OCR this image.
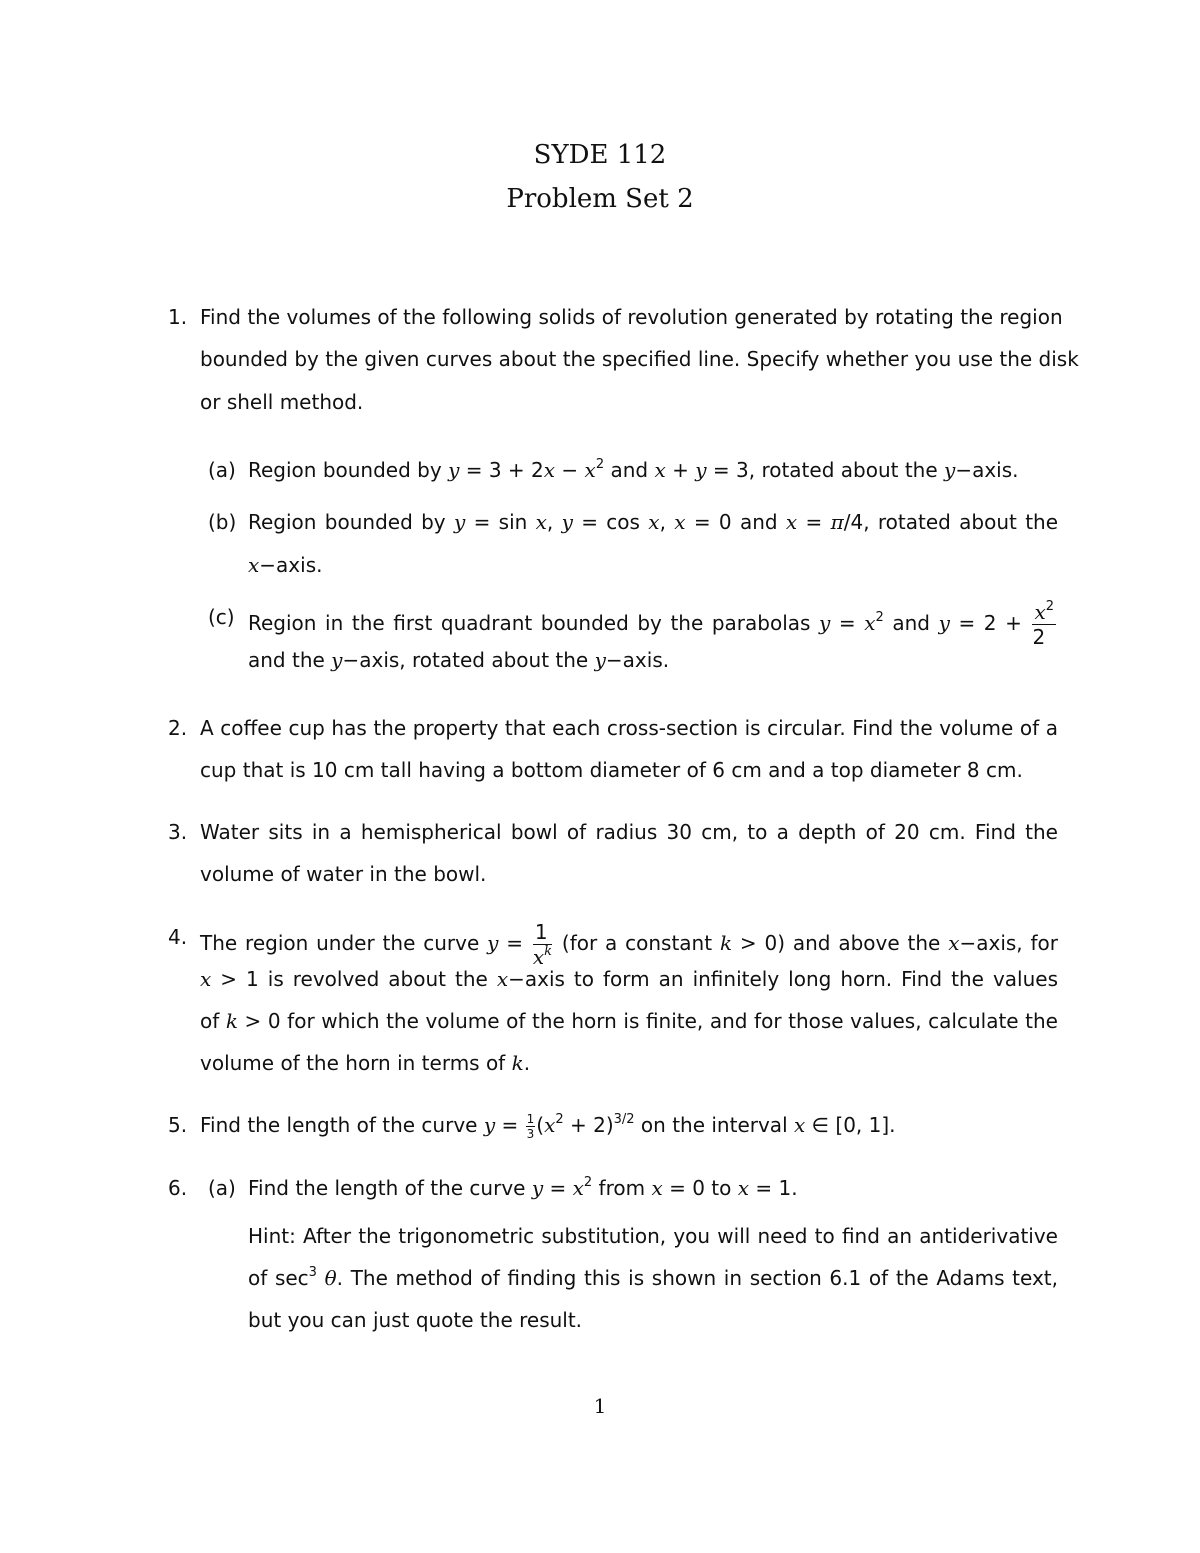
SYDE 112
Problem Set 2
1. Find the volumes of the following solids of revolution generated by rotating the region
bounded by the given curves about the specified line. Specify whether you use the disk
or shell method.
(a) Region bounded by $y = 3 + 2x - x^2$ and x + y = 3, rotated about the y−axis.
(b) Region bounded by y = sin x, y = cos x, x = 0 and x = π/4, rotated about the
x−axis.
(c) Region in the first quadrant bounded by the parabolas $y = x^2$ and $y = 2 + \frac{x^2}{2}$
and the y−axis, rotated about the y−axis.
2. A coffee cup has the property that each cross-section is circular. Find the volume of a
cup that is 10 cm tall having a bottom diameter of 6 cm and a top diameter 8 cm.
3. Water sits in a hemispherical bowl of radius 30 cm, to a depth of 20 cm. Find the
volume of water in the bowl.
4. The region under the curve $y = \frac{1}{x^k} (for$ a constant k > 0) and above the x−axis, for
x > 1 is revolved about the x−axis to form an infinitely long horn. Find the values
of k > 0 for which the volume of the horn is finite, and for those values, calculate the
volume of the horn in terms of k.
5. Find the length of the curve $y = \frac{1}{3} (x^2 + 2)^{3/2}$ on the interval x ∈ [0, 1].
6. (a) Find the length of the curve $y = x^2$ from x = 0 to x = 1.
Hint: After the trigonometric substitution, you will need to find an antiderivative
of $\sec^3 \theta$. The method of finding this is shown in section 6.1 of the Adams text,
but you can just quote the result.
1
